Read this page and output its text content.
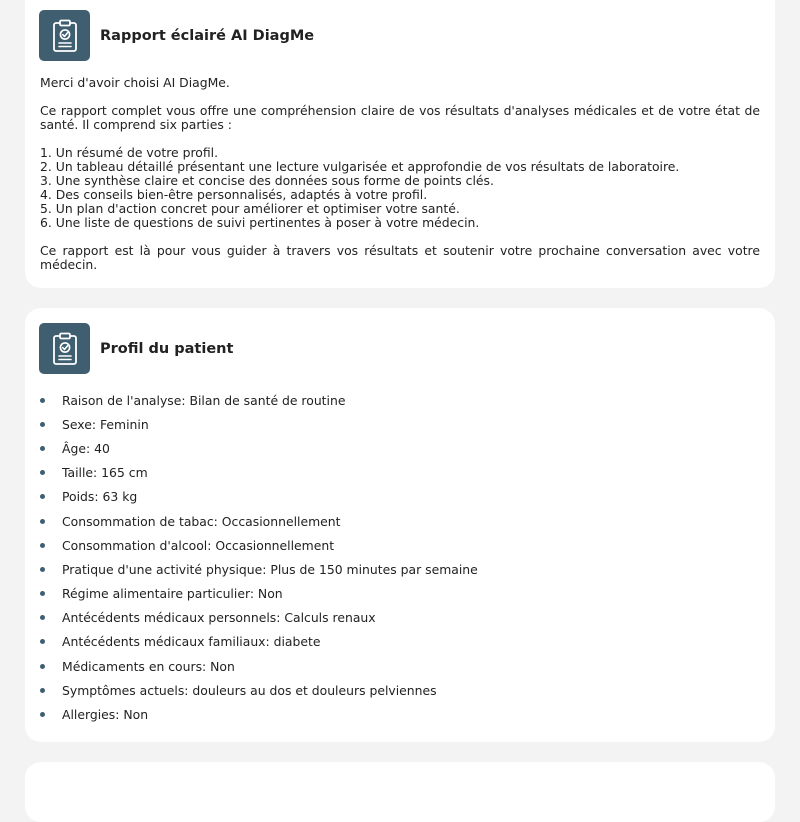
Rapport éclairé AI DiagMe

Merci d'avoir choisi AI DiagMe.

Ce rapport complet vous offre une compréhension claire de vos résultats d'analyses médicales et de votre état de santé. Il comprend six parties :

1. Un résumé de votre profil.
2. Un tableau détaillé présentant une lecture vulgarisée et approfondie de vos résultats de laboratoire.
3. Une synthèse claire et concise des données sous forme de points clés.
4. Des conseils bien-être personnalisés, adaptés à votre profil.
5. Un plan d'action concret pour améliorer et optimiser votre santé.
6. Une liste de questions de suivi pertinentes à poser à votre médecin.

Ce rapport est là pour vous guider à travers vos résultats et soutenir votre prochaine conversation avec votre médecin.

Profil du patient
Raison de l'analyse: Bilan de santé de routine
Sexe: Feminin
Âge: 40
Taille: 165 cm
Poids: 63 kg
Consommation de tabac: Occasionnellement
Consommation d'alcool: Occasionnellement
Pratique d'une activité physique: Plus de 150 minutes par semaine
Régime alimentaire particulier: Non
Antécédents médicaux personnels: Calculs renaux
Antécédents médicaux familiaux: diabete
Médicaments en cours: Non
Symptômes actuels: douleurs au dos et douleurs pelviennes
Allergies: Non
